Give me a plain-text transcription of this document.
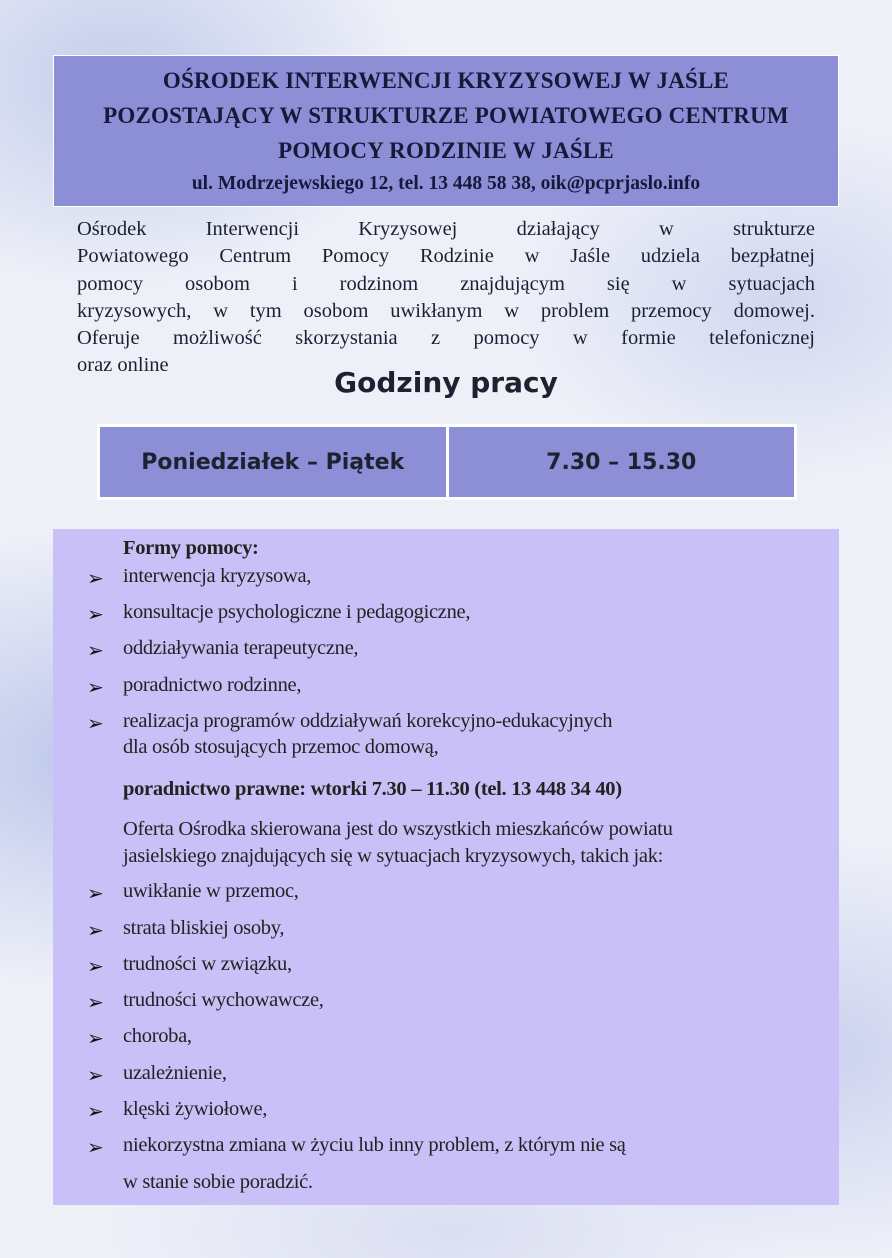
OŚRODEK INTERWENCJI KRYZYSOWEJ W JAŚLE
POZOSTAJĄCY W STRUKTURZE POWIATOWEGO CENTRUM
POMOCY RODZINIE W JAŚLE
ul. Modrzejewskiego 12, tel. 13 448 58 38, oik@pcprjaslo.info
Ośrodek Interwencji Kryzysowej działający w strukturze
Powiatowego Centrum Pomocy Rodzinie w Jaśle udziela bezpłatnej
pomocy osobom i rodzinom znajdującym się w sytuacjach
kryzysowych, w tym osobom uwikłanym w problem przemocy domowej.
Oferuje możliwość skorzystania z pomocy w formie telefonicznej
oraz online
Godziny pracy
Poniedziałek – Piątek	7.30 – 15.30
Formy pomocy:
➢ interwencja kryzysowa,
➢ konsultacje psychologiczne i pedagogiczne,
➢ oddziaływania terapeutyczne,
➢ poradnictwo rodzinne,
➢ realizacja programów oddziaływań korekcyjno-edukacyjnych
dla osób stosujących przemoc domową,
poradnictwo prawne: wtorki 7.30 – 11.30 (tel. 13 448 34 40)
Oferta Ośrodka skierowana jest do wszystkich mieszkańców powiatu
jasielskiego znajdujących się w sytuacjach kryzysowych, takich jak:
➢ uwikłanie w przemoc,
➢ strata bliskiej osoby,
➢ trudności w związku,
➢ trudności wychowawcze,
➢ choroba,
➢ uzależnienie,
➢ klęski żywiołowe,
➢ niekorzystna zmiana w życiu lub inny problem, z którym nie są
w stanie sobie poradzić.
